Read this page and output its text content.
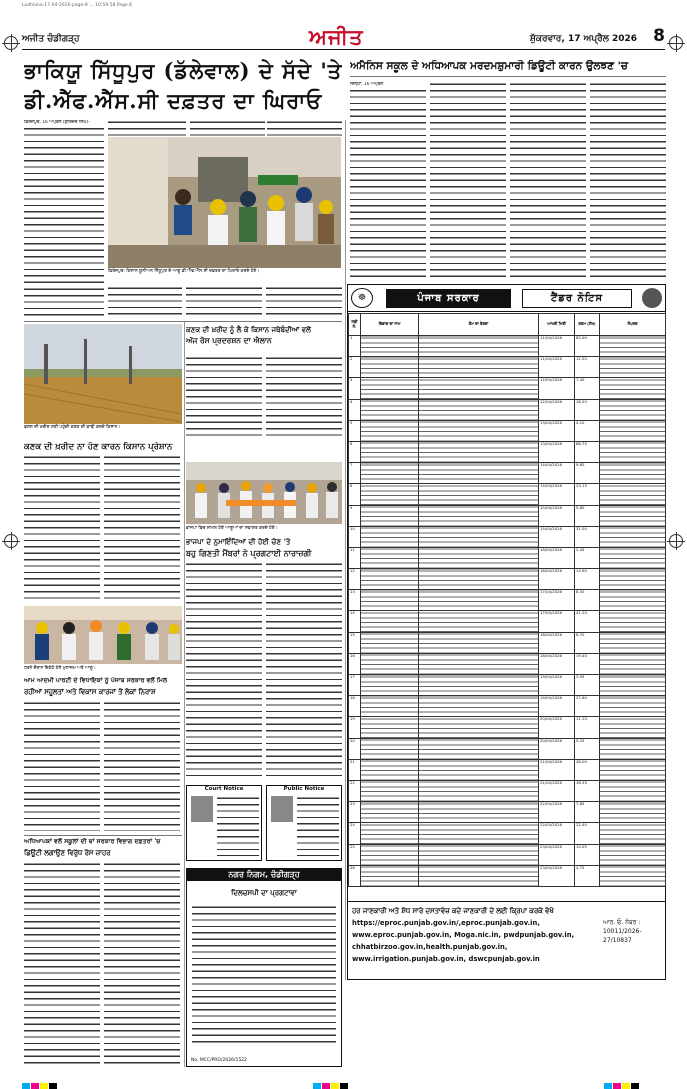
Ludhiana-17-04-2026-page-8 … 10:59:58 Page 8
ਅਜੀਤ ਚੰਡੀਗੜ੍ਹ	ਅਜੀਤ	ਸ਼ੁੱਕਰਵਾਰ, 17 ਅਪ੍ਰੈਲ 2026 8
ਭਾਕਿਯੂ ਸਿੱਧੂਪੁਰ (ਡੱਲੇਵਾਲ) ਦੇ ਸੱਦੇ 'ਤੇ
ਡੀ.ਐੱਫ.ਐੱਸ.ਸੀ ਦਫ਼ਤਰ ਦਾ ਘਿਰਾਓ
ਫ਼ਿਰੋਜ਼ਪੁਰ, 16 ਅਪ੍ਰੈਲ (ਗੁਰਿੰਦਰ ਸਿੰਘ)-
ਫ਼ਿਰੋਜ਼ਪੁਰ: ਕਿਸਾਨ ਯੂਨੀਅਨ ਸਿੱਧੂਪੁਰ ਦੇ ਆਗੂ ਡੀ.ਐੱਫ.ਐੱਸ.ਸੀ ਦਫ਼ਤਰ ਦਾ ਘਿਰਾਓ ਕਰਦੇ ਹੋਏ।
ਅਮੈਨਿਸ ਸਕੂਲ ਦੇ ਅਧਿਆਪਕ ਮਰਦਮਸ਼ੁਮਾਰੀ ਡਿਊਟੀ ਕਾਰਨ ਉਲਝਣ 'ਚ
ਜ਼ਿਲ੍ਹਾ, 16 ਅਪ੍ਰੈਲ
ਕਣਕ ਦੀ ਖ਼ਰੀਦ ਨੂੰ ਲੈ ਕੇ ਕਿਸਾਨ ਜਥੇਬੰਦੀਆਂ ਵਲੋਂ
ਅੱਜ ਰੋਸ ਪ੍ਰਦਰਸ਼ਨ ਦਾ ਐਲਾਨ
ਫ਼ਸਲ ਦੀ ਖ਼ਰੀਦ ਲਈ ਪਹੁੰਚੀ ਕਣਕ ਦੀ ਵਾਢੀ ਕਰਦੇ ਕਿਸਾਨ।
ਕਣਕ ਦੀ ਖ਼ਰੀਦ ਨਾ ਹੋਣ ਕਾਰਨ ਕਿਸਾਨ ਪ੍ਰੇਸ਼ਾਨ
ਭਾਜਪਾ ਵਿਚ ਸ਼ਾਮਲ ਹੋਏ ਆਗੂਆਂ ਦਾ ਸਵਾਗਤ ਕਰਦੇ ਹੋਏ।
ਭਾਜਪਾ ਦੇ ਨੁਮਾਇੰਦਿਆਂ ਦੀ ਹੋਈ ਚੋਣ 'ਤੇ
ਬਹੁ ਗਿਣਤੀ ਮੈਂਬਰਾਂ ਨੇ ਪ੍ਰਗਟਾਈ ਨਾਰਾਜ਼ਗੀ
ਧਰਨੇ ਦੌਰਾਨ ਇਕੱਠੇ ਹੋਏ ਮੁਲਾਜ਼ਮ ਅਤੇ ਆਗੂ।
ਆਮ ਆਦਮੀ ਪਾਰਟੀ ਦੇ ਵਿਧਾਇਕਾਂ ਨੂੰ ਪੰਜਾਬ ਸਰਕਾਰ ਵਲੋਂ ਮਿਲ
ਰਹੀਆਂ ਸਹੂਲਤਾਂ ਅਤੇ ਵਿਕਾਸ ਕਾਰਜਾਂ ਤੋਂ ਲੋਕਾਂ ਨਿਰਾਸ਼
Court Notice	Public Notice
ਅਧਿਆਪਕਾਂ ਵਲੋਂ ਸਕੂਲਾਂ ਦੀ ਥਾਂ ਸਰਕਾਰ ਵਿਭਾਗ ਦਫ਼ਤਰਾਂ 'ਚ
ਡਿਊਟੀ ਲਗਾਉਣ ਵਿਰੁੱਧ ਰੋਸ ਜ਼ਾਹਰ
ਨਗਰ ਨਿਗਮ, ਚੰਡੀਗੜ੍ਹ
ਦਿਲਚਸਪੀ ਦਾ ਪ੍ਰਗਟਾਵਾ
No. MCC/PRO/2026/1522
☸	ਪੰਜਾਬ ਸਰਕਾਰ	ਟੈਂਡਰ ਨੋਟਿਸ
ਲੜੀ ਨੰ.	ਵਿਭਾਗ ਦਾ ਨਾਮ	ਕੰਮ ਦਾ ਵੇਰਵਾ	ਆਖਰੀ ਮਿਤੀ	ਰਕਮ (ਲੱਖ)	ਸੰਪਰਕ
1			11/04/2026	85.00	
2			11/04/2026	12.50	
3			12/04/2026	7.40	
4			12/04/2026	18.20	
5			13/04/2026	4.10	
6			13/04/2026	66.75	
7			14/04/2026	9.80	
8			14/04/2026	23.15	
9			15/04/2026	5.60	
10			15/04/2026	31.00	
11			16/04/2026	2.45	
12			16/04/2026	14.90	
13			17/04/2026	8.30	
14			17/04/2026	41.20	
15			18/04/2026	6.70	
16			18/04/2026	19.40	
17			19/04/2026	3.95	
18			19/04/2026	27.60	
19			20/04/2026	11.10	
20			20/04/2026	5.25	
21			21/04/2026	48.00	
22			21/04/2026	16.35	
23			22/04/2026	7.85	
24			22/04/2026	22.40	
25			23/04/2026	10.05	
26			23/04/2026	4.75	
ਹਰ ਜਾਣਕਾਰੀ ਅਤੇ ਸ਼ੋਧ ਸਾਰੇ ਦਸਤਾਵੇਜ਼ ਕਦੇ ਜਾਣਕਾਰੀ ਦੇ ਲਈ ਕ੍ਰਿਪਾ ਕਰਕੇ ਵੇਖੋ
https://eproc.punjab.gov.in/,eproc.punjab.gov.in,
www.eproc.punjab.gov.in, Moga.nic.in, pwdpunjab.gov.in,
chhatbirzoo.gov.in,health.punjab.gov.in,
www.irrigation.punjab.gov.in, dswcpunjab.gov.in
ਆਰ. ਓ. ਨੰਬਰ :
10011/2026-27/10837
